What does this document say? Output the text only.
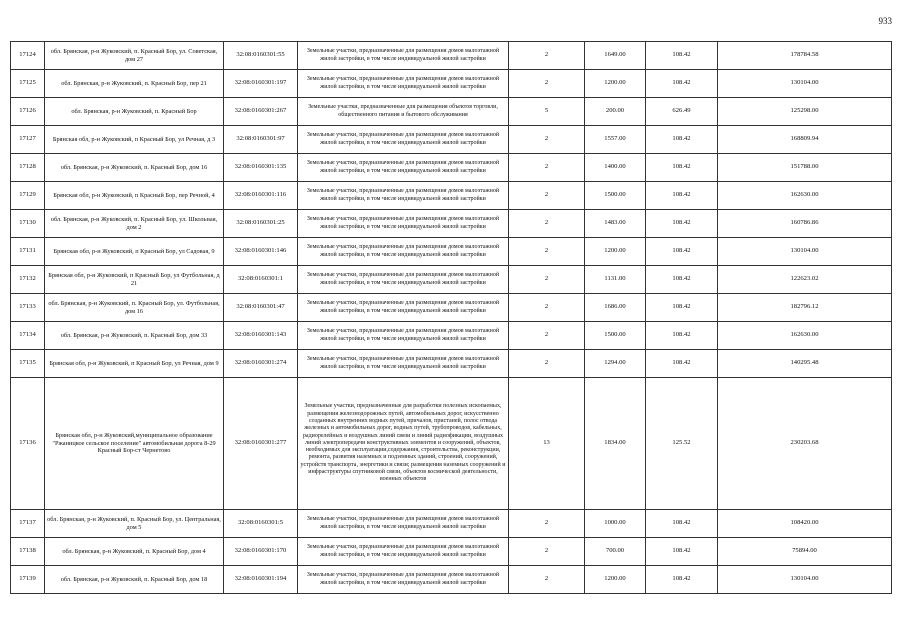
933
17124	обл. Брянская, р-н Жуковский, п. Красный Бор, ул. Советская, дом 27	32:08:0160301:55	Земельные участки, предназначенные для размещения домов малоэтажной жилой застройки, в том числе индивидуальной жилой застройки	2	1649.00	108.42	178784.58
17125	обл. Брянская, р-н Жуковский, п. Красный Бор, пер 21	32:08:0160301:197	Земельные участки, предназначенные для размещения домов малоэтажной жилой застройки, в том числе индивидуальной жилой застройки	2	1200.00	108.42	130104.00
17126	обл. Брянская, р-н Жуковский, п. Красный Бор	32:08:0160301:267	Земельные участки, предназначенные для размещения объектов торговли, общественного питания и бытового обслуживания	5	200.00	626.49	125298.00
17127	Брянская обл, р-н Жуковский, п Красный Бор, ул Речная, д 3	32:08:0160301:97	Земельные участки, предназначенные для размещения домов малоэтажной жилой застройки, в том числе индивидуальной жилой застройки	2	1557.00	108.42	168809.94
17128	обл. Брянская, р-н Жуковский, п. Красный Бор, дом 16	32:08:0160301:135	Земельные участки, предназначенные для размещения домов малоэтажной жилой застройки, в том числе индивидуальной жилой застройки	2	1400.00	108.42	151788.00
17129	Брянская обл, р-н Жуковский, п Красный Бор, пер Речной, 4	32:08:0160301:116	Земельные участки, предназначенные для размещения домов малоэтажной жилой застройки, в том числе индивидуальной жилой застройки	2	1500.00	108.42	162630.00
17130	обл. Брянская, р-н Жуковский, п. Красный Бор, ул. Школьная, дом 2	32:08:0160301:25	Земельные участки, предназначенные для размещения домов малоэтажной жилой застройки, в том числе индивидуальной жилой застройки	2	1483.00	108.42	160786.86
17131	Брянская обл, р-н Жуковский, п Красный Бор, ул Садовая, 9	32:08:0160301:146	Земельные участки, предназначенные для размещения домов малоэтажной жилой застройки, в том числе индивидуальной жилой застройки	2	1200.00	108.42	130104.00
17132	Брянская обл, р-н Жуковский, п Красный Бор, ул Футбольная, д 21	32:08:0160301:1	Земельные участки, предназначенные для размещения домов малоэтажной жилой застройки, в том числе индивидуальной жилой застройки	2	1131.00	108.42	122623.02
17133	обл. Брянская, р-н Жуковский, п. Красный Бор, ул. Футбольная, дом 16	32:08:0160301:47	Земельные участки, предназначенные для размещения домов малоэтажной жилой застройки, в том числе индивидуальной жилой застройки	2	1686.00	108.42	182796.12
17134	обл. Брянская, р-н Жуковский, п. Красный Бор, дом 33	32:08:0160301:143	Земельные участки, предназначенные для размещения домов малоэтажной жилой застройки, в том числе индивидуальной жилой застройки	2	1500.00	108.42	162630.00
17135	Брянская обл, р-н Жуковский, п Красный Бор, ул Речная, дом 9	32:08:0160301:274	Земельные участки, предназначенные для размещения домов малоэтажной жилой застройки, в том числе индивидуальной жилой застройки	2	1294.00	108.42	140295.48
17136	Брянская обл, р-н Жуковский,муниципальное образование "Ржаницкое сельское поселение" автомобильная дорога 8-29 Красный Бор-ст Чернетово	32:08:0160301:277	Земельные участки, предназначенные для разработки полезных ископаемых, размещения железнодорожных путей, автомобильных дорог, искусственно созданных внутренних водных путей, причалов, пристаней, полос отвода железных и автомобильных дорог, водных путей, трубопроводов, кабельных, радиорелейных и воздушных линий связи и линий радиофикации, воздушных линий электропередачи конструктивных элементов и сооружений, объектов, необходимых для эксплуатации,содержания, строительства, реконструкции, ремонта, развития наземных и подземных зданий, строений, сооружений, устройств транспорта, энергетики и связи; размещения наземных сооружений и инфраструктуры спутниковой связи, объектов космической деятельности, военных объектов	13	1834.00	125.52	230203.68
17137	обл. Брянская, р-н Жуковский, п. Красный Бор, ул. Центральная, дом 5	32:08:0160301:5	Земельные участки, предназначенные для размещения домов малоэтажной жилой застройки, в том числе индивидуальной жилой застройки	2	1000.00	108.42	108420.00
17138	обл. Брянская, р-н Жуковский, п. Красный Бор, дом 4	32:08:0160301:170	Земельные участки, предназначенные для размещения домов малоэтажной жилой застройки, в том числе индивидуальной жилой застройки	2	700.00	108.42	75894.00
17139	обл. Брянская, р-н Жуковский, п. Красный Бор, дом 18	32:08:0160301:194	Земельные участки, предназначенные для размещения домов малоэтажной жилой застройки, в том числе индивидуальной жилой застройки	2	1200.00	108.42	130104.00
